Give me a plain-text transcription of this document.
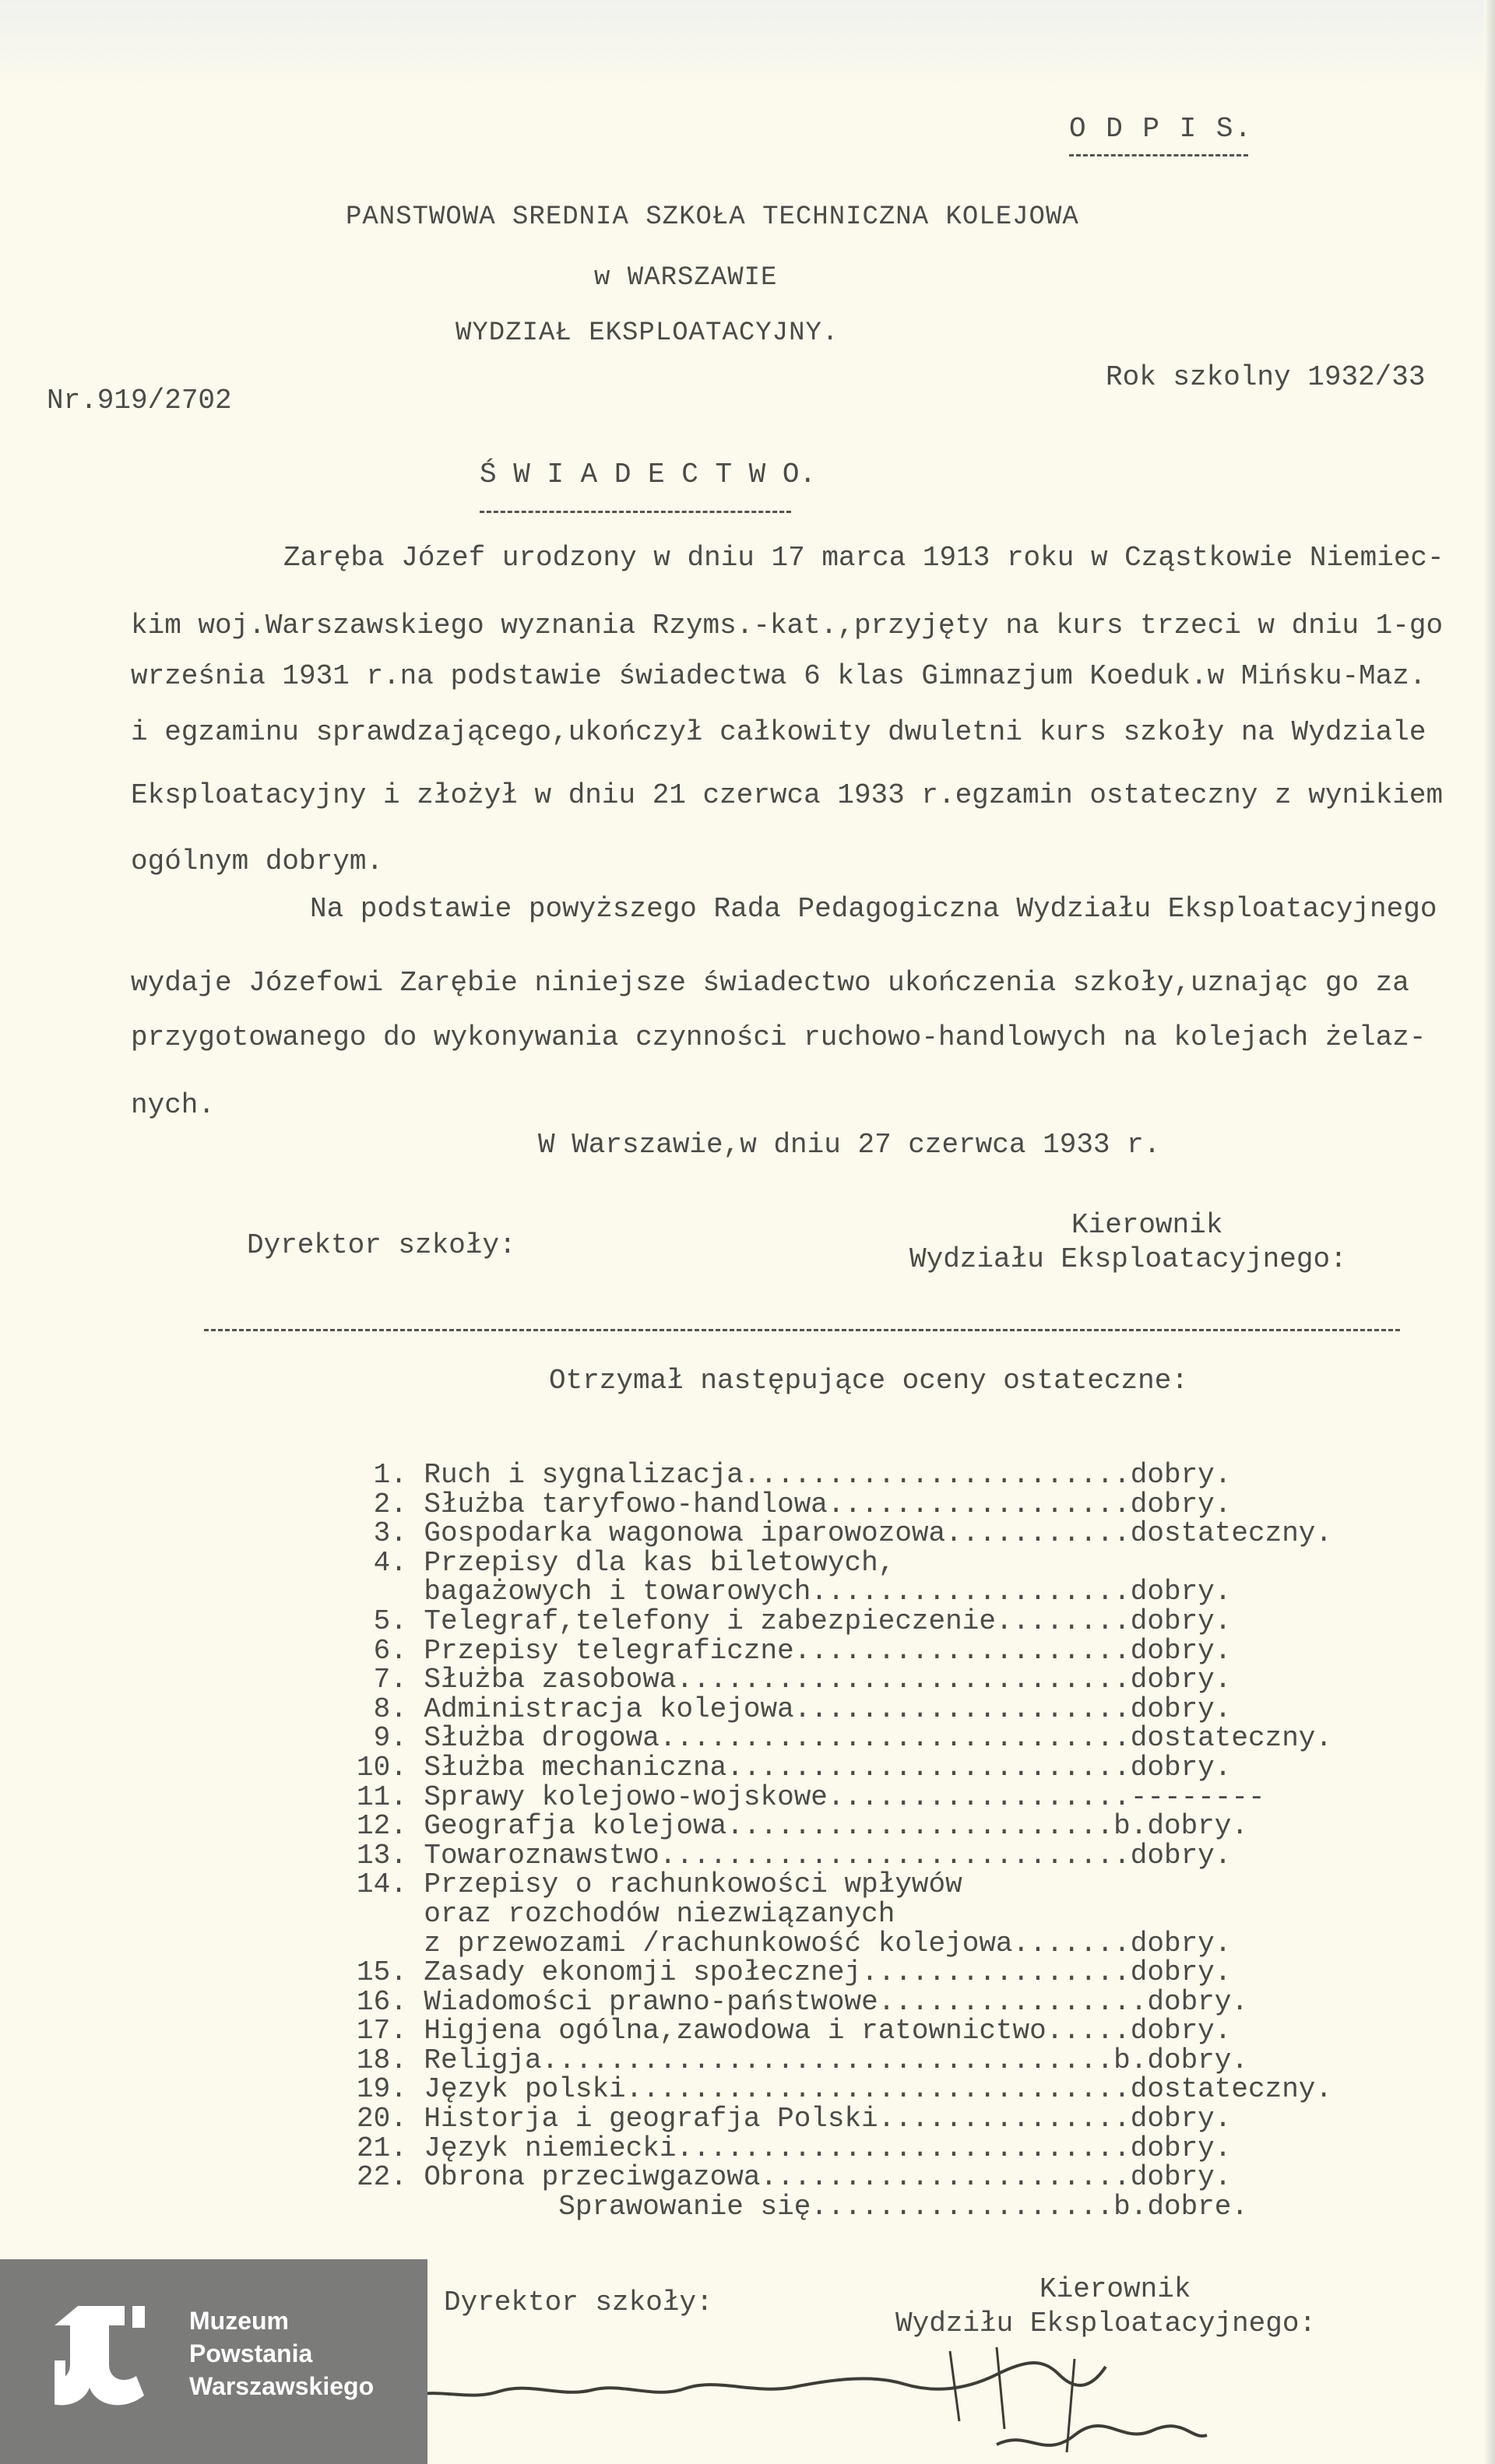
O D P I S.
PANSTWOWA SREDNIA SZKOŁA TECHNICZNA KOLEJOWA
w WARSZAWIE
WYDZIAŁ EKSPLOATACYJNY.
Nr.919/2702
Rok szkolny 1932/33
Ś W I A D E C T W O.
Zaręba Józef urodzony w dniu 17 marca 1913 roku w Cząstkowie Niemiec-
kim woj.Warszawskiego wyznania Rzyms.-kat.,przyjęty na kurs trzeci w dniu 1-go
września 1931 r.na podstawie świadectwa 6 klas Gimnazjum Koeduk.w Mińsku-Maz.
i egzaminu sprawdzającego,ukończył całkowity dwuletni kurs szkoły na Wydziale
Eksploatacyjny i złożył w dniu 21 czerwca 1933 r.egzamin ostateczny z wynikiem
ogólnym dobrym.
Na podstawie powyższego Rada Pedagogiczna Wydziału Eksploatacyjnego
wydaje Józefowi Zarębie niniejsze świadectwo ukończenia szkoły,uznając go za
przygotowanego do wykonywania czynności ruchowo-handlowych na kolejach żelaz-
nych.
W Warszawie,w dniu 27 czerwca 1933 r.
Dyrektor szkoły:
Kierownik
Wydziału Eksploatacyjnego:
Otrzymał następujące oceny ostateczne:
1. Ruch i sygnalizacja.......................dobry.
2. Służba taryfowo-handlowa..................dobry.
3. Gospodarka wagonowa iparowozowa...........dostateczny.
4. Przepisy dla kas biletowych,
bagażowych i towarowych...................dobry.
5. Telegraf,telefony i zabezpieczenie........dobry.
6. Przepisy telegraficzne....................dobry.
7. Służba zasobowa...........................dobry.
8. Administracja kolejowa....................dobry.
9. Służba drogowa............................dostateczny.
10. Służba mechaniczna........................dobry.
11. Sprawy kolejowo-wojskowe..................--------
12. Geografja kolejowa.......................b.dobry.
13. Towaroznawstwo............................dobry.
14. Przepisy o rachunkowości wpływów
oraz rozchodów niezwiązanych
z przewozami /rachunkowość kolejowa.......dobry.
15. Zasady ekonomji społecznej................dobry.
16. Wiadomości prawno-państwowe................dobry.
17. Higjena ogólna,zawodowa i ratownictwo.....dobry.
18. Religja..................................b.dobry.
19. Język polski..............................dostateczny.
20. Historja i geografja Polski...............dobry.
21. Język niemiecki...........................dobry.
22. Obrona przeciwgazowa......................dobry.
Sprawowanie się..................b.dobre.
Dyrektor szkoły:	Kierownik
Wydziłu Eksploatacyjnego:
Muzeum
Powstania
Warszawskiego
